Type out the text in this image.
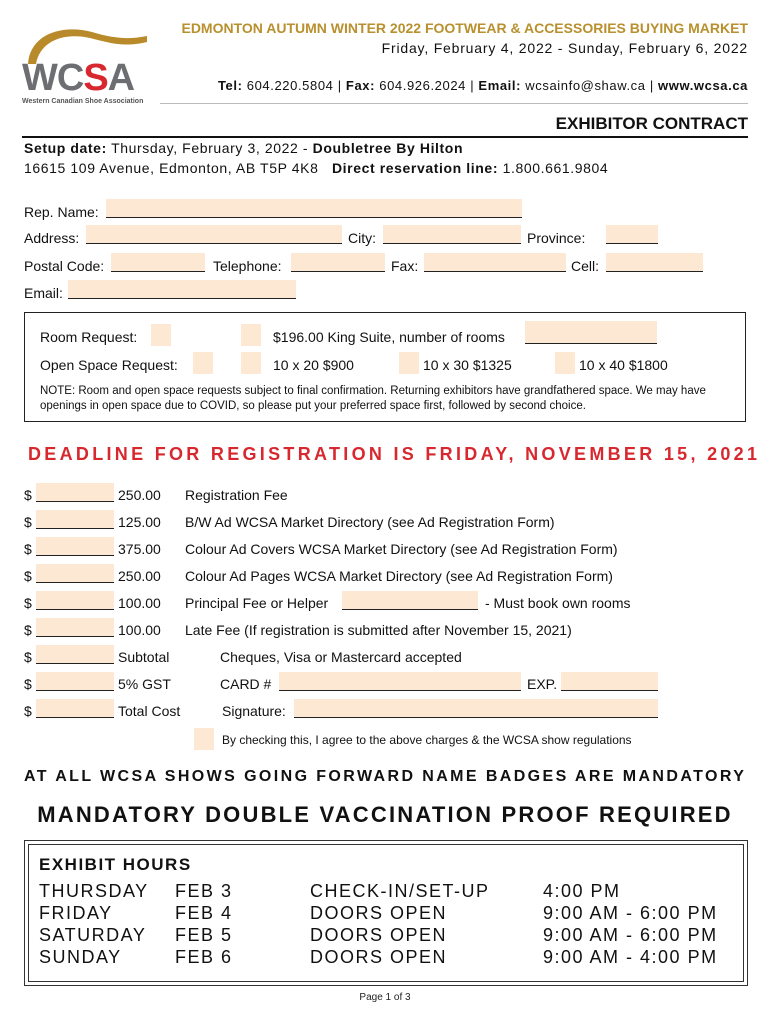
WCSA
Western Canadian Shoe Association
EDMONTON AUTUMN WINTER 2022 FOOTWEAR & ACCESSORIES BUYING MARKET
Friday, February 4, 2022 - Sunday, February 6, 2022
Tel: 604.220.5804 | Fax: 604.926.2024 | Email: wcsainfo@shaw.ca | www.wcsa.ca
EXHIBITOR CONTRACT
Setup date: Thursday, February 3, 2022 - Doubletree By Hilton
16615 109 Avenue, Edmonton, AB T5P 4K8 Direct reservation line: 1.800.661.9804
Rep. Name:
Address:	City:	Province:
Postal Code:	Telephone:	Fax:	Cell:
Email:
Room Request:	$196.00 King Suite, number of rooms
Open Space Request:	10 x 20 $900	10 x 30 $1325	10 x 40 $1800
NOTE: Room and open space requests subject to final confirmation. Returning exhibitors have grandfathered space. We may have openings in open space due to COVID, so please put your preferred space first, followed by second choice.
DEADLINE FOR REGISTRATION IS FRIDAY, NOVEMBER 15, 2021
$	250.00 Registration Fee
$	125.00 B/W Ad WCSA Market Directory (see Ad Registration Form)
$	375.00 Colour Ad Covers WCSA Market Directory (see Ad Registration Form)
$	250.00 Colour Ad Pages WCSA Market Directory (see Ad Registration Form)
$	100.00 Principal Fee or Helper	- Must book own rooms
$	100.00 Late Fee (If registration is submitted after November 15, 2021)
$	Subtotal	Cheques, Visa or Mastercard accepted
$	5% GST	CARD #	EXP.
$	Total Cost	Signature:
By checking this, I agree to the above charges & the WCSA show regulations
AT ALL WCSA SHOWS GOING FORWARD NAME BADGES ARE MANDATORY
MANDATORY DOUBLE VACCINATION PROOF REQUIRED
EXHIBIT HOURS
THURSDAY FEB 3	CHECK-IN/SET-UP	4:00 PM
FRIDAY	FEB 4	DOORS OPEN	9:00 AM - 6:00 PM
SATURDAY FEB 5	DOORS OPEN	9:00 AM - 6:00 PM
SUNDAY	FEB 6	DOORS OPEN	9:00 AM - 4:00 PM
Page 1 of 3
